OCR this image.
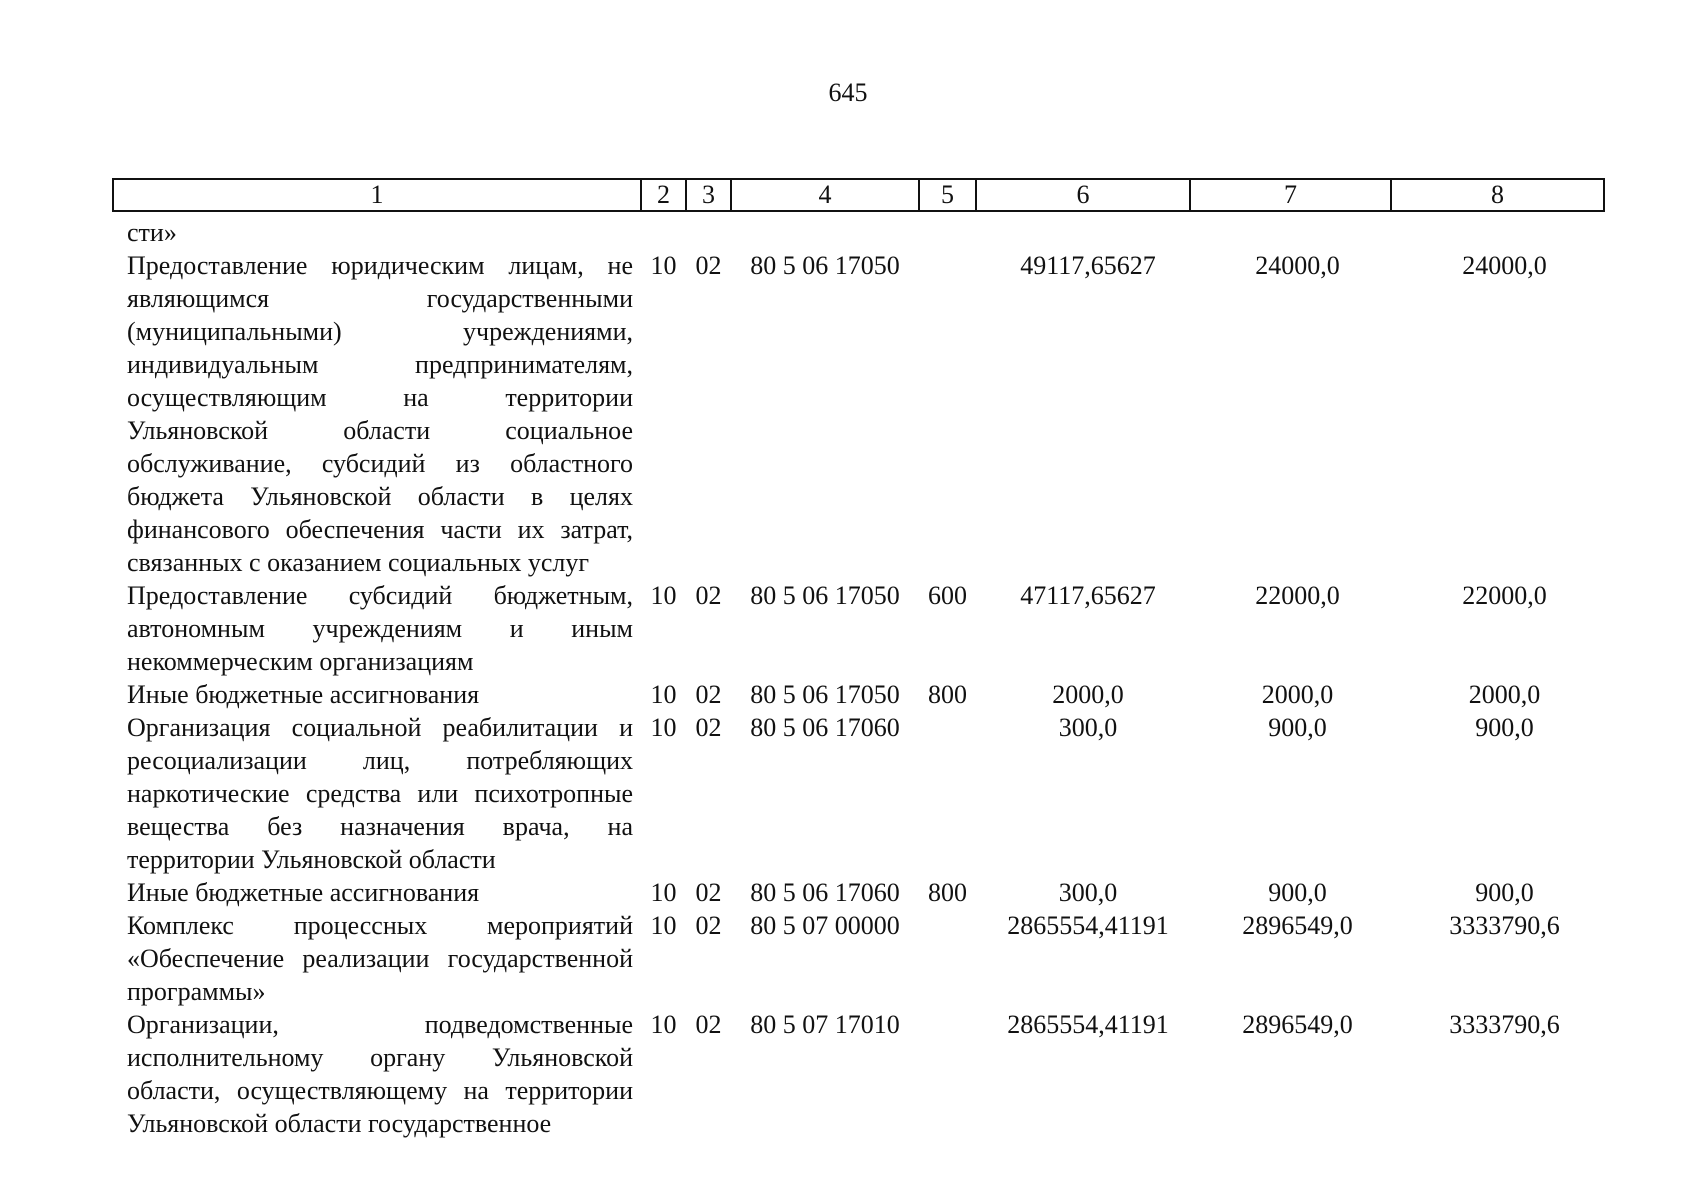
645
1	2	3	4	5	6	7	8
сти»							
Предоставление юридическим лицам, не являющимся государственными (муниципальными) учреждениями, индивидуальным предпринимателям, осуществляющим на территории Ульяновской области социальное обслуживание, субсидий из областного бюджета Ульяновской области в целях финансового обеспечения части их затрат, связанных с оказанием социальных услуг	10	02	80 5 06 17050		49117,65627	24000,0	24000,0
Предоставление субсидий бюджетным, автономным учреждениям и иным некоммерческим организациям	10	02	80 5 06 17050	600	47117,65627	22000,0	22000,0
Иные бюджетные ассигнования	10	02	80 5 06 17050	800	2000,0	2000,0	2000,0
Организация социальной реабилитации и ресоциализации лиц, потребляющих наркотические средства или психотропные вещества без назначения врача, на территории Ульяновской области	10	02	80 5 06 17060		300,0	900,0	900,0
Иные бюджетные ассигнования	10	02	80 5 06 17060	800	300,0	900,0	900,0
Комплекс процессных мероприятий «Обеспечение реализации государственной программы»	10	02	80 5 07 00000		2865554,41191	2896549,0	3333790,6
Организации, подведомственные исполнительному органу Ульяновской области, осуществляющему на территории Ульяновской области государственное	10	02	80 5 07 17010		2865554,41191	2896549,0	3333790,6
